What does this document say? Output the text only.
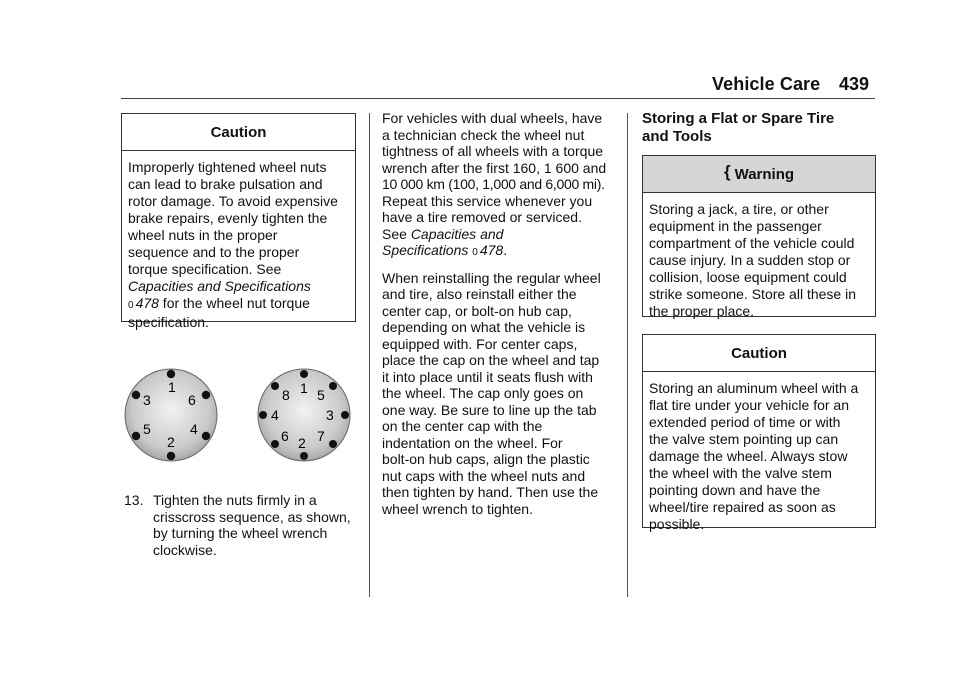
Vehicle Care 439
Caution

Improperly tightened wheel nuts

can lead to brake pulsation and

rotor damage. To avoid expensive

brake repairs, evenly tighten the

wheel nuts in the proper

sequence and to the proper

torque specification. See

Capacities and Specifications

0 478 for the wheel nut torque

specification.

1
6
4
2
5
3
1 5
3
7
2
6
4
8
13. Tighten the nuts firmly in a crisscross sequence, as shown, by turning the wheel wrench clockwise.

For vehicles with dual wheels, have
a technician check the wheel nut
tightness of all wheels with a torque
wrench after the first 160, 1 600 and
10 000 km (100, 1,000 and 6,000 mi).
Repeat this service whenever you
have a tire removed or serviced.
See Capacities and
Specifications 0 478.

When reinstalling the regular wheel
and tire, also reinstall either the
center cap, or bolt-on hub cap,
depending on what the vehicle is
equipped with. For center caps,
place the cap on the wheel and tap
it into place until it seats flush with
the wheel. The cap only goes on
one way. Be sure to line up the tab
on the center cap with the
indentation on the wheel. For
bolt-on hub caps, align the plastic
nut caps with the wheel nuts and
then tighten by hand. Then use the
wheel wrench to tighten.

Storing a Flat or Spare Tire
and Tools
{ Warning

Storing a jack, a tire, or other

equipment in the passenger

compartment of the vehicle could

cause injury. In a sudden stop or

collision, loose equipment could

strike someone. Store all these in

the proper place.

Caution

Storing an aluminum wheel with a

flat tire under your vehicle for an

extended period of time or with

the valve stem pointing up can

damage the wheel. Always stow

the wheel with the valve stem

pointing down and have the

wheel/tire repaired as soon as

possible.
